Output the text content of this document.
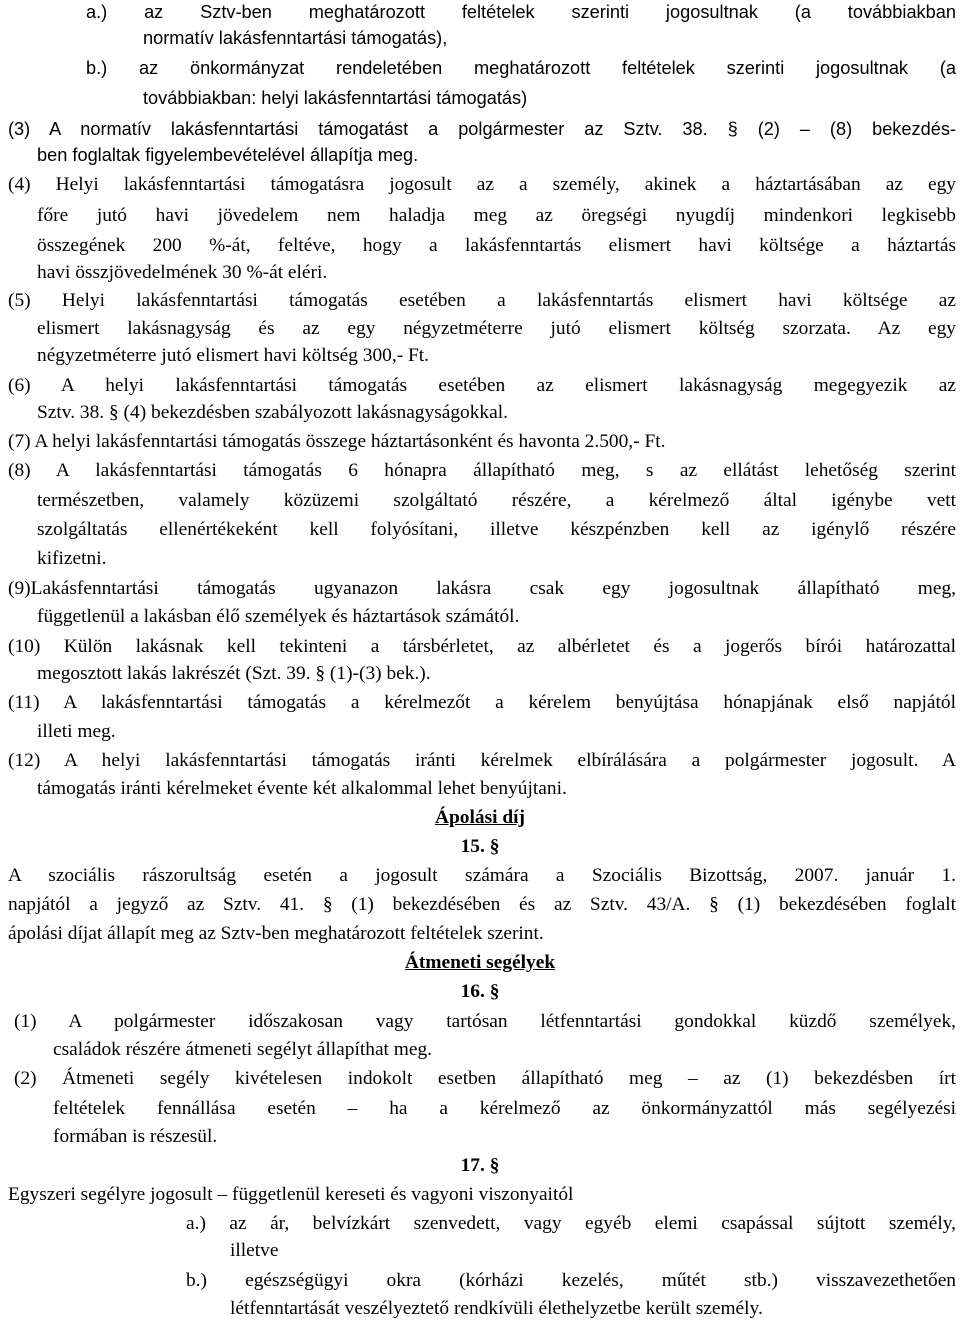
a.) az Sztv-ben meghatározott feltételek szerinti jogosultnak (a továbbiakban
normatív lakásfenntartási támogatás),
b.) az önkormányzat rendeletében meghatározott feltételek szerinti jogosultnak (a
továbbiakban: helyi lakásfenntartási támogatás)
(3) A normatív lakásfenntartási támogatást a polgármester az Sztv. 38. § (2) – (8) bekezdés-
ben foglaltak figyelembevételével állapítja meg.
(4) Helyi lakásfenntartási támogatásra jogosult az a személy, akinek a háztartásában az egy
főre jutó havi jövedelem nem haladja meg az öregségi nyugdíj mindenkori legkisebb
összegének 200 %-át, feltéve, hogy a lakásfenntartás elismert havi költsége a háztartás
havi összjövedelmének 30 %-át eléri.
(5) Helyi lakásfenntartási támogatás esetében a lakásfenntartás elismert havi költsége az
elismert lakásnagyság és az egy négyzetméterre jutó elismert költség szorzata. Az egy
négyzetméterre jutó elismert havi költség 300,- Ft.
(6) A helyi lakásfenntartási támogatás esetében az elismert lakásnagyság megegyezik az
Sztv. 38. § (4) bekezdésben szabályozott lakásnagyságokkal.
(7) A helyi lakásfenntartási támogatás összege háztartásonként és havonta 2.500,- Ft.
(8) A lakásfenntartási támogatás 6 hónapra állapítható meg, s az ellátást lehetőség szerint
természetben, valamely közüzemi szolgáltató részére, a kérelmező által igénybe vett
szolgáltatás ellenértékeként kell folyósítani, illetve készpénzben kell az igénylő részére
kifizetni.
(9)Lakásfenntartási támogatás ugyanazon lakásra csak egy jogosultnak állapítható meg,
függetlenül a lakásban élő személyek és háztartások számától.
(10) Külön lakásnak kell tekinteni a társbérletet, az albérletet és a jogerős bírói határozattal
megosztott lakás lakrészét (Szt. 39. § (1)-(3) bek.).
(11) A lakásfenntartási támogatás a kérelmezőt a kérelem benyújtása hónapjának első napjától
illeti meg.
(12) A helyi lakásfenntartási támogatás iránti kérelmek elbírálására a polgármester jogosult. A
támogatás iránti kérelmeket évente két alkalommal lehet benyújtani.
Ápolási díj
15. §
A szociális rászorultság esetén a jogosult számára a Szociális Bizottság, 2007. január 1.
napjától a jegyző az Sztv. 41. § (1) bekezdésében és az Sztv. 43/A. § (1) bekezdésében foglalt
ápolási díjat állapít meg az Sztv-ben meghatározott feltételek szerint.
Átmeneti segélyek
16. §
(1) A polgármester időszakosan vagy tartósan létfenntartási gondokkal küzdő személyek,
családok részére átmeneti segélyt állapíthat meg.
(2) Átmeneti segély kivételesen indokolt esetben állapítható meg – az (1) bekezdésben írt
feltételek fennállása esetén – ha a kérelmező az önkormányzattól más segélyezési
formában is részesül.
17. §
Egyszeri segélyre jogosult – függetlenül kereseti és vagyoni viszonyaitól
a.) az ár, belvízkárt szenvedett, vagy egyéb elemi csapással sújtott személy,
illetve
b.) egészségügyi okra (kórházi kezelés, műtét stb.) visszavezethetően
létfenntartását veszélyeztető rendkívüli élethelyzetbe került személy.
